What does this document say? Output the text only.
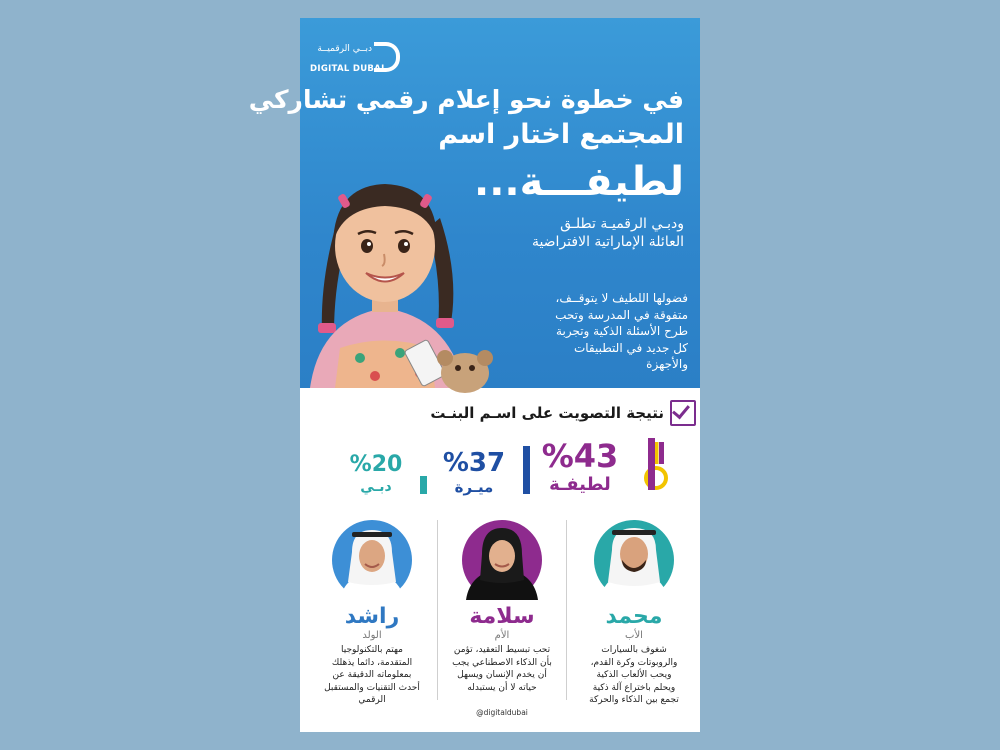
دبــي الرقميــة
DIGITAL DUBAI
في خطوة نحو إعلام رقمي تشاركي
المجتمع اختار اسم
لطيفـــة...
ودبـي الرقميـة تطلـق
العائلة الإماراتية الافتراضية
فضولها اللطيف لا يتوقــف،
متفوقة في المدرسة وتحب
طرح الأسئلة الذكية وتجربة
كل جديد في التطبيقات
والأجهزة
نتيجة التصويت على اسـم البنـت
%43
لطيفـة
%37
ميـرة
%20
دبـي
محمد
الأب
شغوف بالسيارات
والروبوتات وكرة القدم،
ويحب الألعاب الذكية
ويحلم باختراع آلة ذكية
تجمع بين الذكاء والحركة
سلامة
الأم
تحب تبسيط التعقيد، تؤمن
بأن الذكاء الاصطناعي يجب
أن يخدم الإنسان ويسهل
حياته لا أن يستبدله
راشد
الولد
مهتم بالتكنولوجيا
المتقدمة، دائما يذهلك
بمعلوماته الدقيقة عن
أحدث التقنيات والمستقبل
الرقمي
@digitaldubai
